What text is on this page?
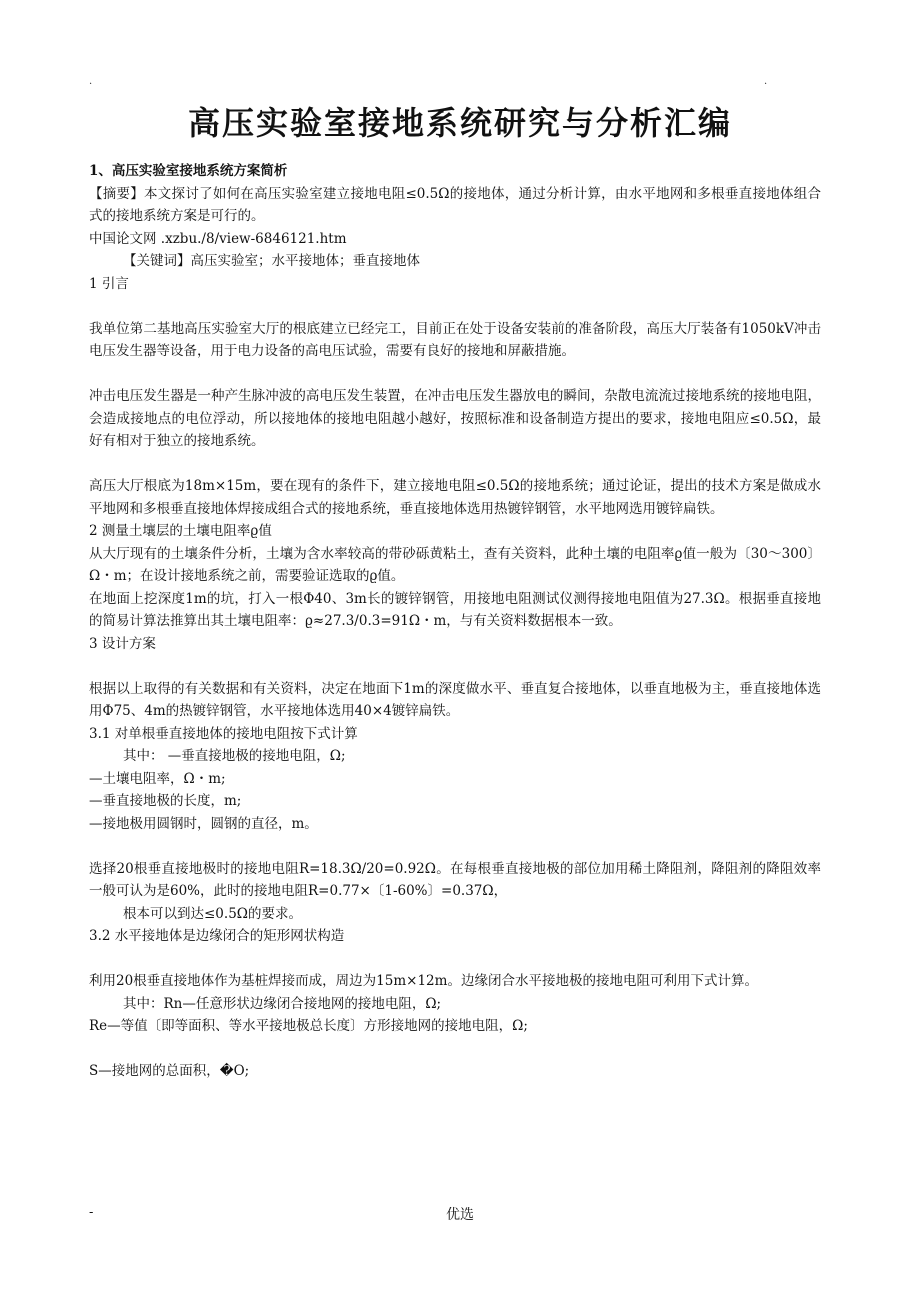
.	.
高压实验室接地系统研究与分析汇编

1、高压实验室接地系统方案简析

【摘要】本文探讨了如何在高压实验室建立接地电阻≤0.5Ω的接地体，通过分析计算，由水平地网和多根垂直接地体组合式的接地系统方案是可行的。

中国论文网 .xzbu./8/view-6846121.htm

【关键词】高压实验室；水平接地体；垂直接地体

1 引言

我单位第二基地高压实验室大厅的根底建立已经完工，目前正在处于设备安装前的准备阶段，高压大厅装备有1050kV冲击电压发生器等设备，用于电力设备的高电压试验，需要有良好的接地和屏蔽措施。

冲击电压发生器是一种产生脉冲波的高电压发生装置，在冲击电压发生器放电的瞬间，杂散电流流过接地系统的接地电阻，会造成接地点的电位浮动，所以接地体的接地电阻越小越好，按照标准和设备制造方提出的要求，接地电阻应≤0.5Ω，最好有相对于独立的接地系统。

高压大厅根底为18m×15m，要在现有的条件下，建立接地电阻≤0.5Ω的接地系统；通过论证，提出的技术方案是做成水平地网和多根垂直接地体焊接成组合式的接地系统，垂直接地体选用热镀锌钢管，水平地网选用镀锌扁铁。

2 测量土壤层的土壤电阻率ϱ值

从大厅现有的土壤条件分析，土壤为含水率较高的带砂砾黄粘土，查有关资料，此种土壤的电阻率ϱ值一般为〔30～300〕Ω・m；在设计接地系统之前，需要验证选取的ϱ值。

在地面上挖深度1m的坑，打入一根Φ40、3m长的镀锌钢管，用接地电阻测试仪测得接地电阻值为27.3Ω。根据垂直接地的简易计算法推算出其土壤电阻率：ϱ≈27.3/0.3=91Ω・m，与有关资料数据根本一致。

3 设计方案

根据以上取得的有关数据和有关资料，决定在地面下1m的深度做水平、垂直复合接地体，以垂直地极为主，垂直接地体选用Φ75、4m的热镀锌钢管，水平接地体选用40×4镀锌扁铁。

3.1 对单根垂直接地体的接地电阻按下式计算

其中： —垂直接地极的接地电阻，Ω;

—土壤电阻率，Ω・m;

—垂直接地极的长度，m;

—接地极用圆钢时，圆钢的直径，m。

选择20根垂直接地极时的接地电阻R=18.3Ω/20=0.92Ω。在每根垂直接地极的部位加用稀土降阻剂，降阻剂的降阻效率一般可认为是60%，此时的接地电阻R=0.77×〔1-60%〕=0.37Ω，

根本可以到达≤0.5Ω的要求。

3.2 水平接地体是边缘闭合的矩形网状构造

利用20根垂直接地体作为基桩焊接而成，周边为15m×12m。边缘闭合水平接地极的接地电阻可利用下式计算。

其中：Rn—任意形状边缘闭合接地网的接地电阻，Ω;

Re—等值〔即等面积、等水平接地极总长度〕方形接地网的接地电阻，Ω;

S—接地网的总面积，�O;

-	优选
